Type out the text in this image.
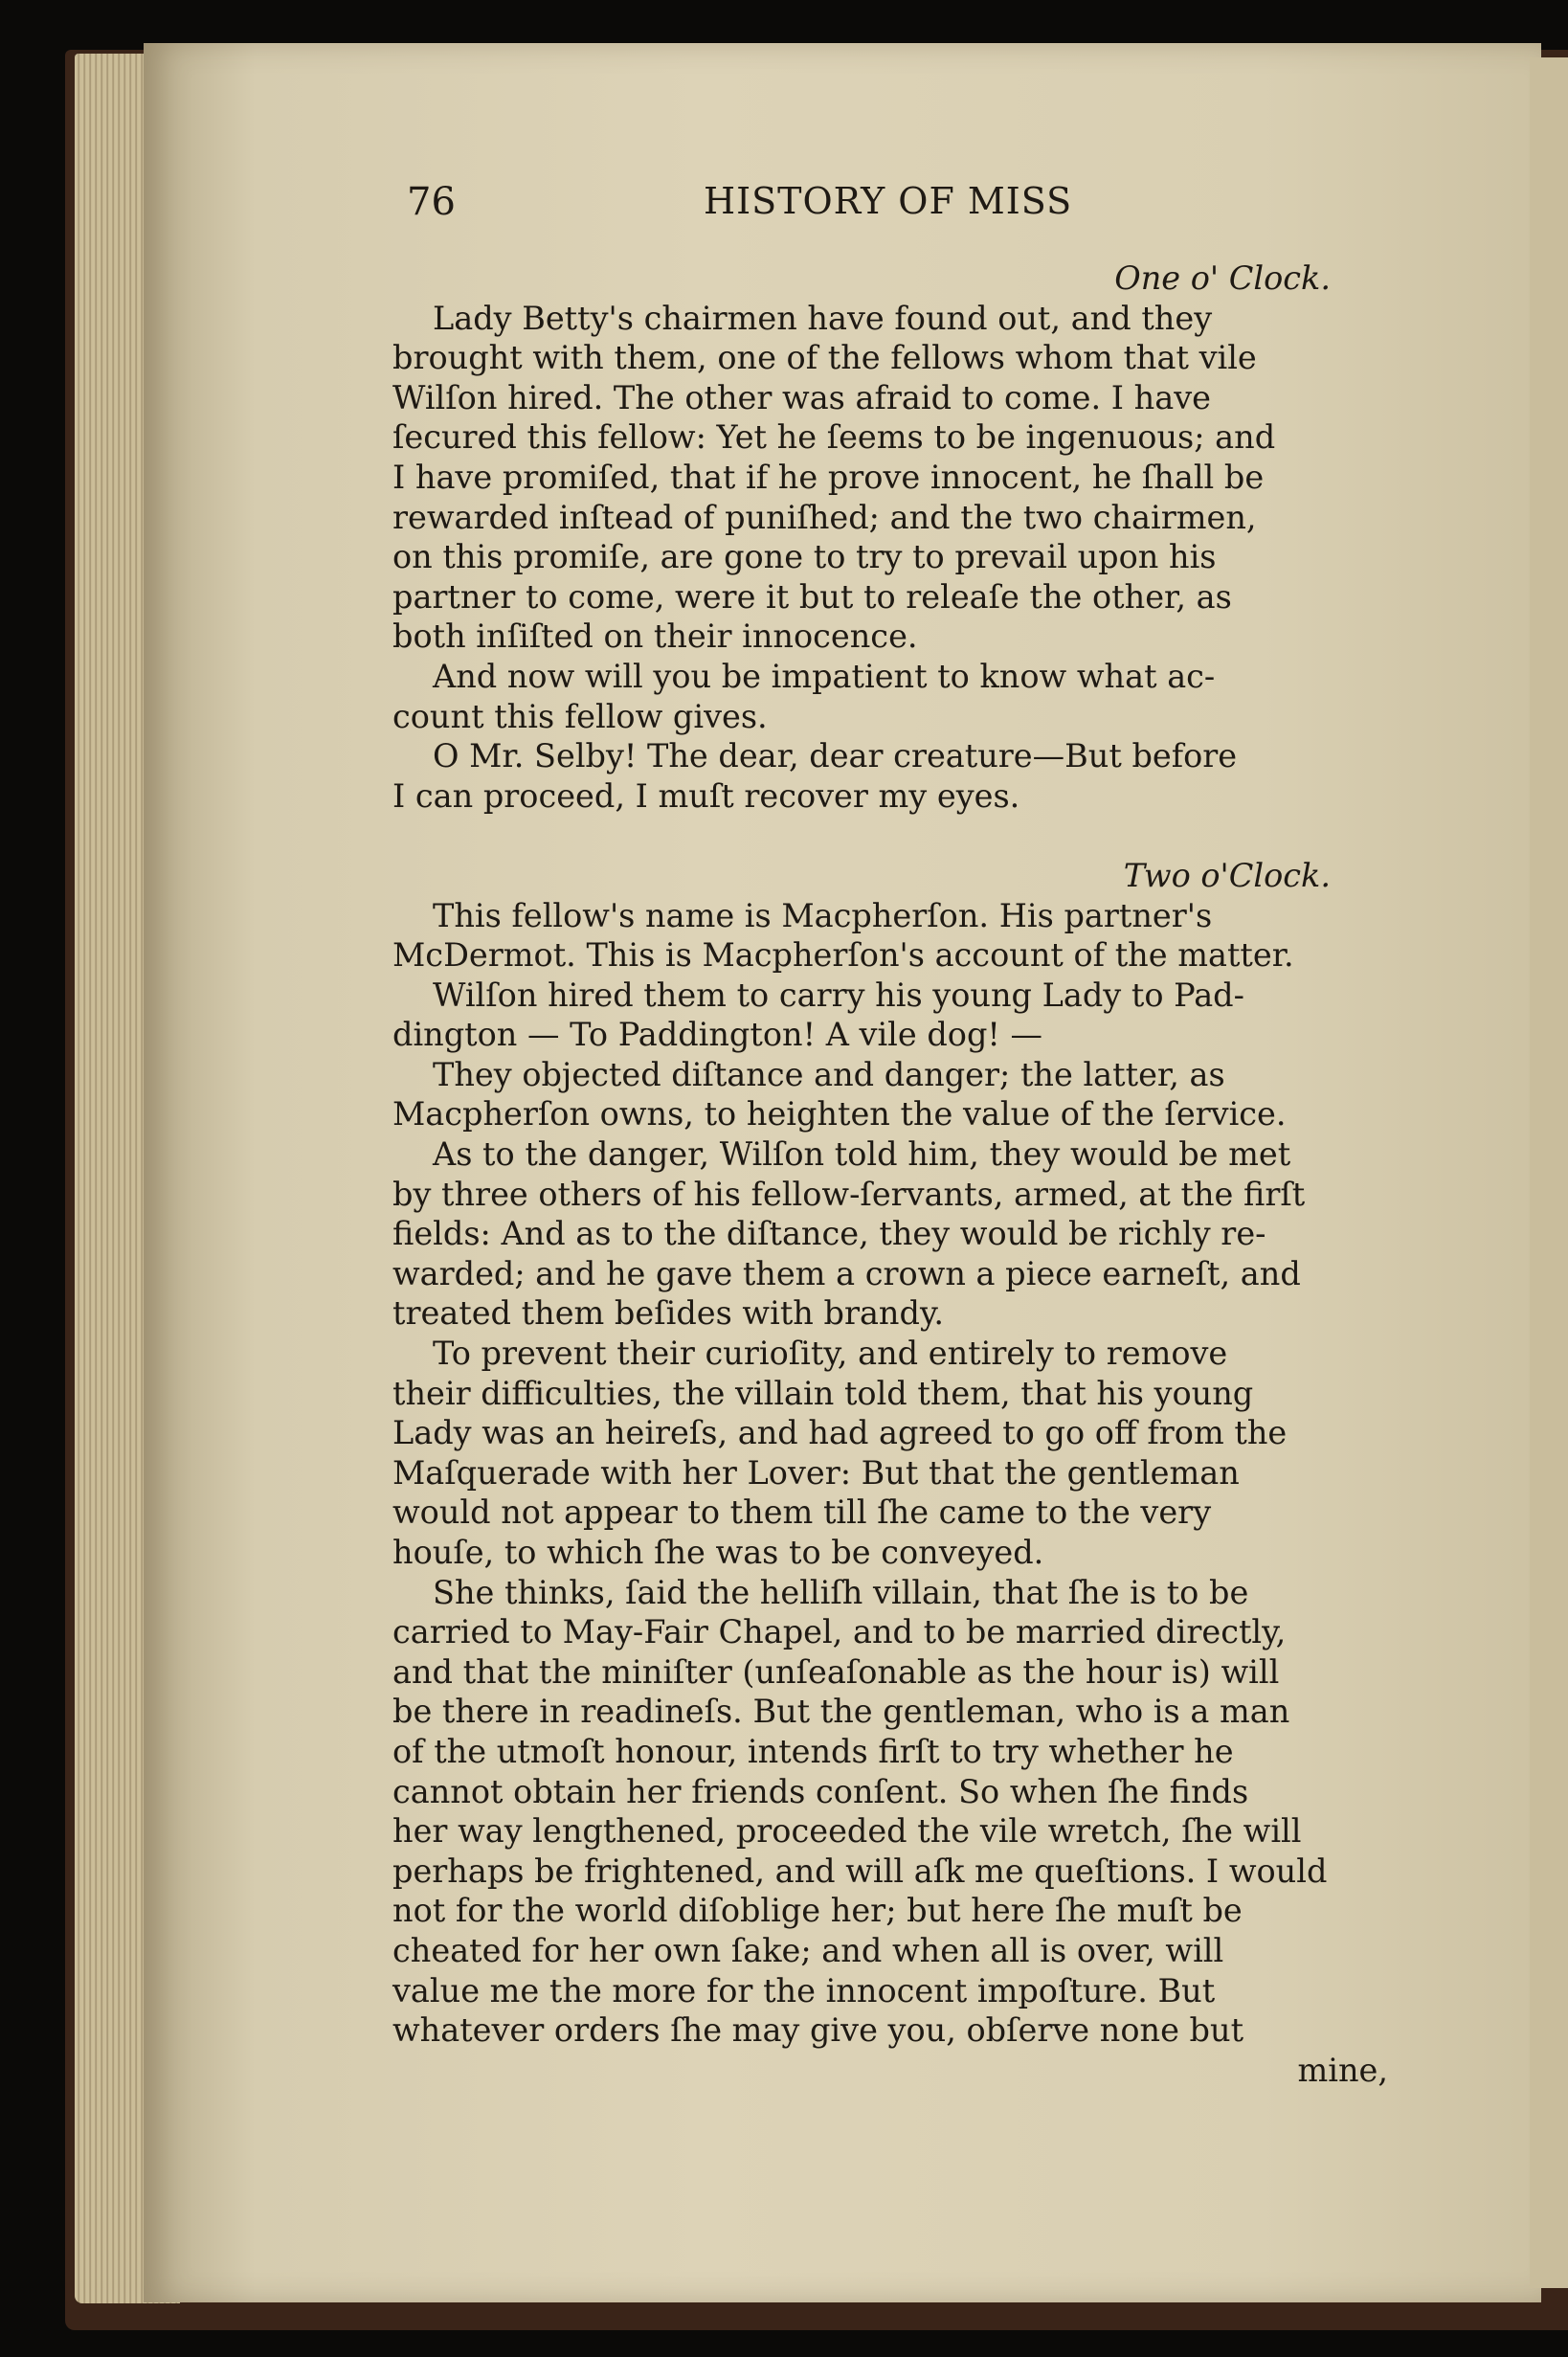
76	HISTORY OF MISS
One o' Clock.
Lady Betty's chairmen have found out, and they
brought with them, one of the fellows whom that vile
Wilſon hired. The other was afraid to come. I have
ſecured this fellow: Yet he ſeems to be ingenuous; and
I have promiſed, that if he prove innocent, he ſhall be
rewarded inſtead of puniſhed; and the two chairmen,
on this promiſe, are gone to try to prevail upon his
partner to come, were it but to releaſe the other, as
both inſiſted on their innocence.
And now will you be impatient to know what ac-
count this fellow gives.
O Mr. Selby! The dear, dear creature—But before
I can proceed, I muſt recover my eyes.
Two o'Clock.
This fellow's name is Macpherſon. His partner's
McDermot. This is Macpherſon's account of the matter.
Wilſon hired them to carry his young Lady to Pad-
dington — To Paddington! A vile dog! —
They objected diſtance and danger; the latter, as
Macpherſon owns, to heighten the value of the ſervice.
As to the danger, Wilſon told him, they would be met
by three others of his fellow-ſervants, armed, at the firſt
fields: And as to the diſtance, they would be richly re-
warded; and he gave them a crown a piece earneſt, and
treated them beſides with brandy.
To prevent their curioſity, and entirely to remove
their difficulties, the villain told them, that his young
Lady was an heireſs, and had agreed to go off from the
Maſquerade with her Lover: But that the gentleman
would not appear to them till ſhe came to the very
houſe, to which ſhe was to be conveyed.
She thinks, ſaid the helliſh villain, that ſhe is to be
carried to May-Fair Chapel, and to be married directly,
and that the miniſter (unſeaſonable as the hour is) will
be there in readineſs. But the gentleman, who is a man
of the utmoſt honour, intends firſt to try whether he
cannot obtain her friends conſent. So when ſhe finds
her way lengthened, proceeded the vile wretch, ſhe will
perhaps be frightened, and will aſk me queſtions. I would
not for the world diſoblige her; but here ſhe muſt be
cheated for her own ſake; and when all is over, will
value me the more for the innocent impoſture. But
whatever orders ſhe may give you, obſerve none but
mine,
